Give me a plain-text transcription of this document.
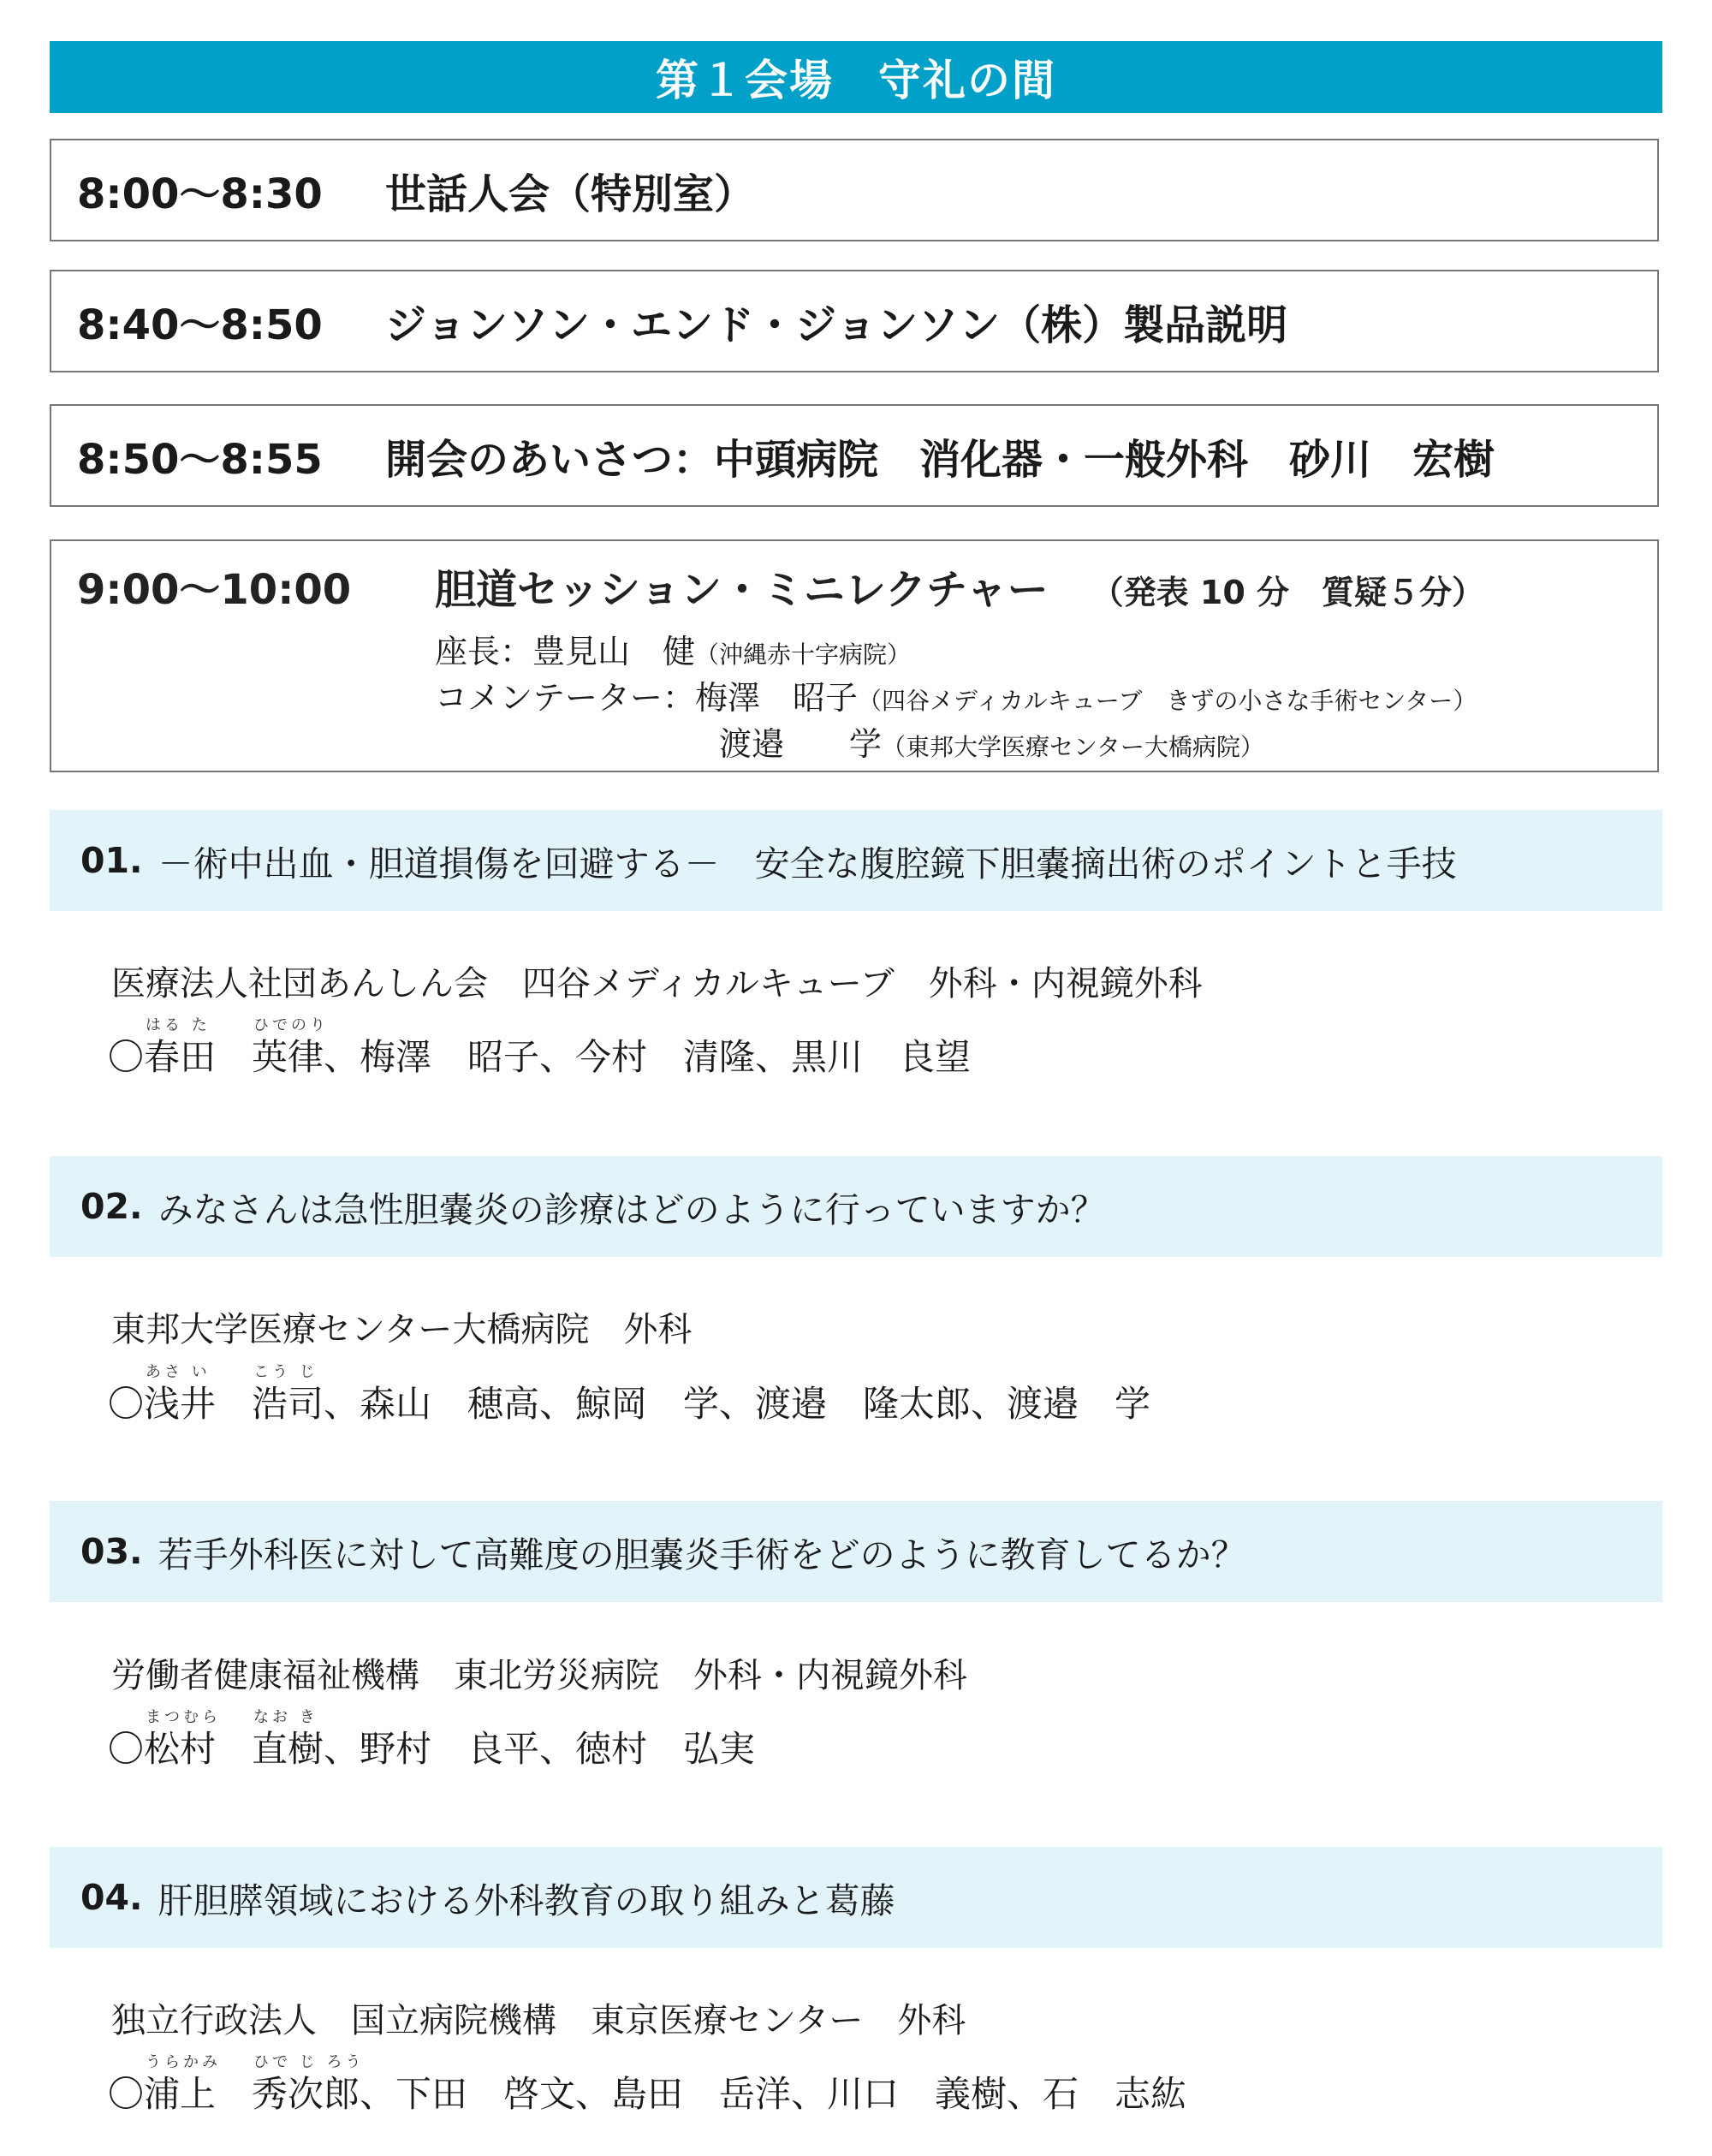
第１会場　守礼の間
8:00〜8:30	世話人会（特別室）
8:40〜8:50	ジョンソン・エンド・ジョンソン（株）製品説明
8:50〜8:55	開会のあいさつ：中頭病院　消化器・一般外科　砂川　宏樹
9:00〜10:00 胆道セッション・ミニレクチャー （発表 10 分　質疑５分）
座長：豊見山　健（沖縄赤十字病院）
コメンテーター：梅澤　昭子（四谷メディカルキューブ　きずの小さな手術センター）
渡邉　　学（東邦大学医療センター大橋病院）
01. －術中出血・胆道損傷を回避する－　安全な腹腔鏡下胆嚢摘出術のポイントと手技
医療法人社団あんしん会　四谷メディカルキューブ　外科・内視鏡外科
はる た	ひでのり
〇春田　英律、梅澤　昭子、今村　清隆、黒川　良望
02. みなさんは急性胆嚢炎の診療はどのように行っていますか？
東邦大学医療センター大橋病院　外科
あさ い	こう じ
〇浅井　浩司、森山　穂高、鯨岡　学、渡邉　隆太郎、渡邉　学
03. 若手外科医に対して高難度の胆嚢炎手術をどのように教育してるか？
労働者健康福祉機構　東北労災病院　外科・内視鏡外科
まつむら なお き
〇松村　直樹、野村　良平、徳村　弘実
04. 肝胆膵領域における外科教育の取り組みと葛藤
独立行政法人　国立病院機構　東京医療センター　外科
うらかみ ひで じ ろう
〇浦上　秀次郎、下田　啓文、島田　岳洋、川口　義樹、石　志紘
